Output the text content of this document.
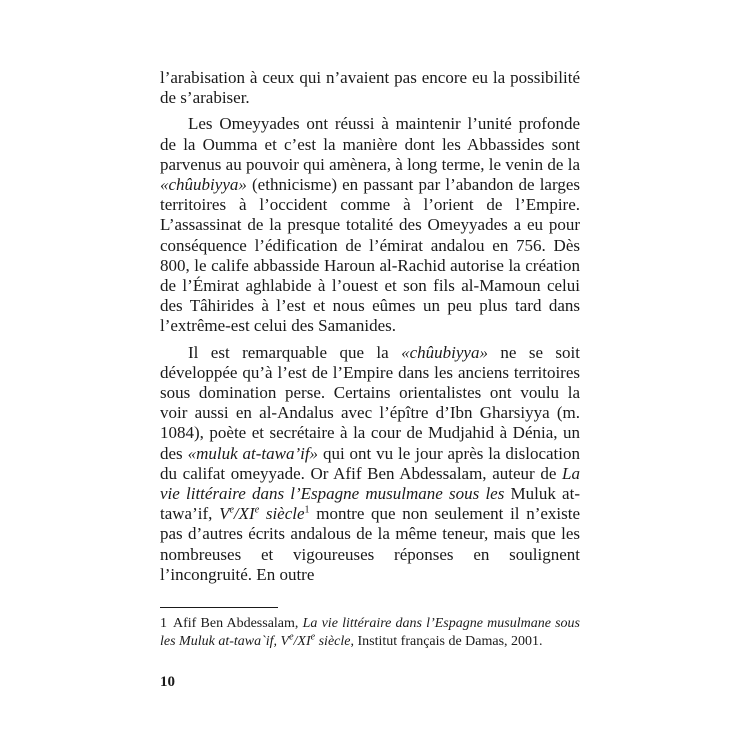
l’arabisation à ceux qui n’avaient pas encore eu la possibilité de s’arabiser.

Les Omeyyades ont réussi à maintenir l’unité profonde de la Oumma et c’est la manière dont les Abbassides sont parvenus au pouvoir qui amènera, à long terme, le venin de la «chûubiyya» (ethnicisme) en passant par l’abandon de larges territoires à l’occident comme à l’orient de l’Empire. L’assassinat de la presque totalité des Omeyyades a eu pour conséquence l’édification de l’émirat andalou en 756. Dès 800, le calife abbasside Haroun al-Rachid autorise la création de l’Émirat aghlabide à l’ouest et son fils al-Mamoun celui des Tâhirides à l’est et nous eûmes un peu plus tard dans l’extrême-est celui des Samanides.

Il est remarquable que la «chûubiyya» ne se soit développée qu’à l’est de l’Empire dans les anciens territoires sous domination perse. Certains orientalistes ont voulu la voir aussi en al-Andalus avec l’épître d’Ibn Gharsiyya (m. 1084), poète et secrétaire à la cour de Mudjahid à Dénia, un des «muluk at-tawa’if» qui ont vu le jour après la dislocation du califat omeyyade. Or Afif Ben Abdessalam, auteur de La vie littéraire dans l’Espagne musulmane sous les Muluk at-tawa’if, Ve/XIe siècle$^1$ montre que non seulement il n’existe pas d’autres écrits andalous de la même teneur, mais que les nombreuses et vigoureuses réponses en soulignent l’incongruité. En outre

1 Afif Ben Abdessalam, La vie littéraire dans l’Espagne musulmane sous les Muluk at-tawa`if, Ve/XIe siècle, Institut français de Damas, 2001.
10
